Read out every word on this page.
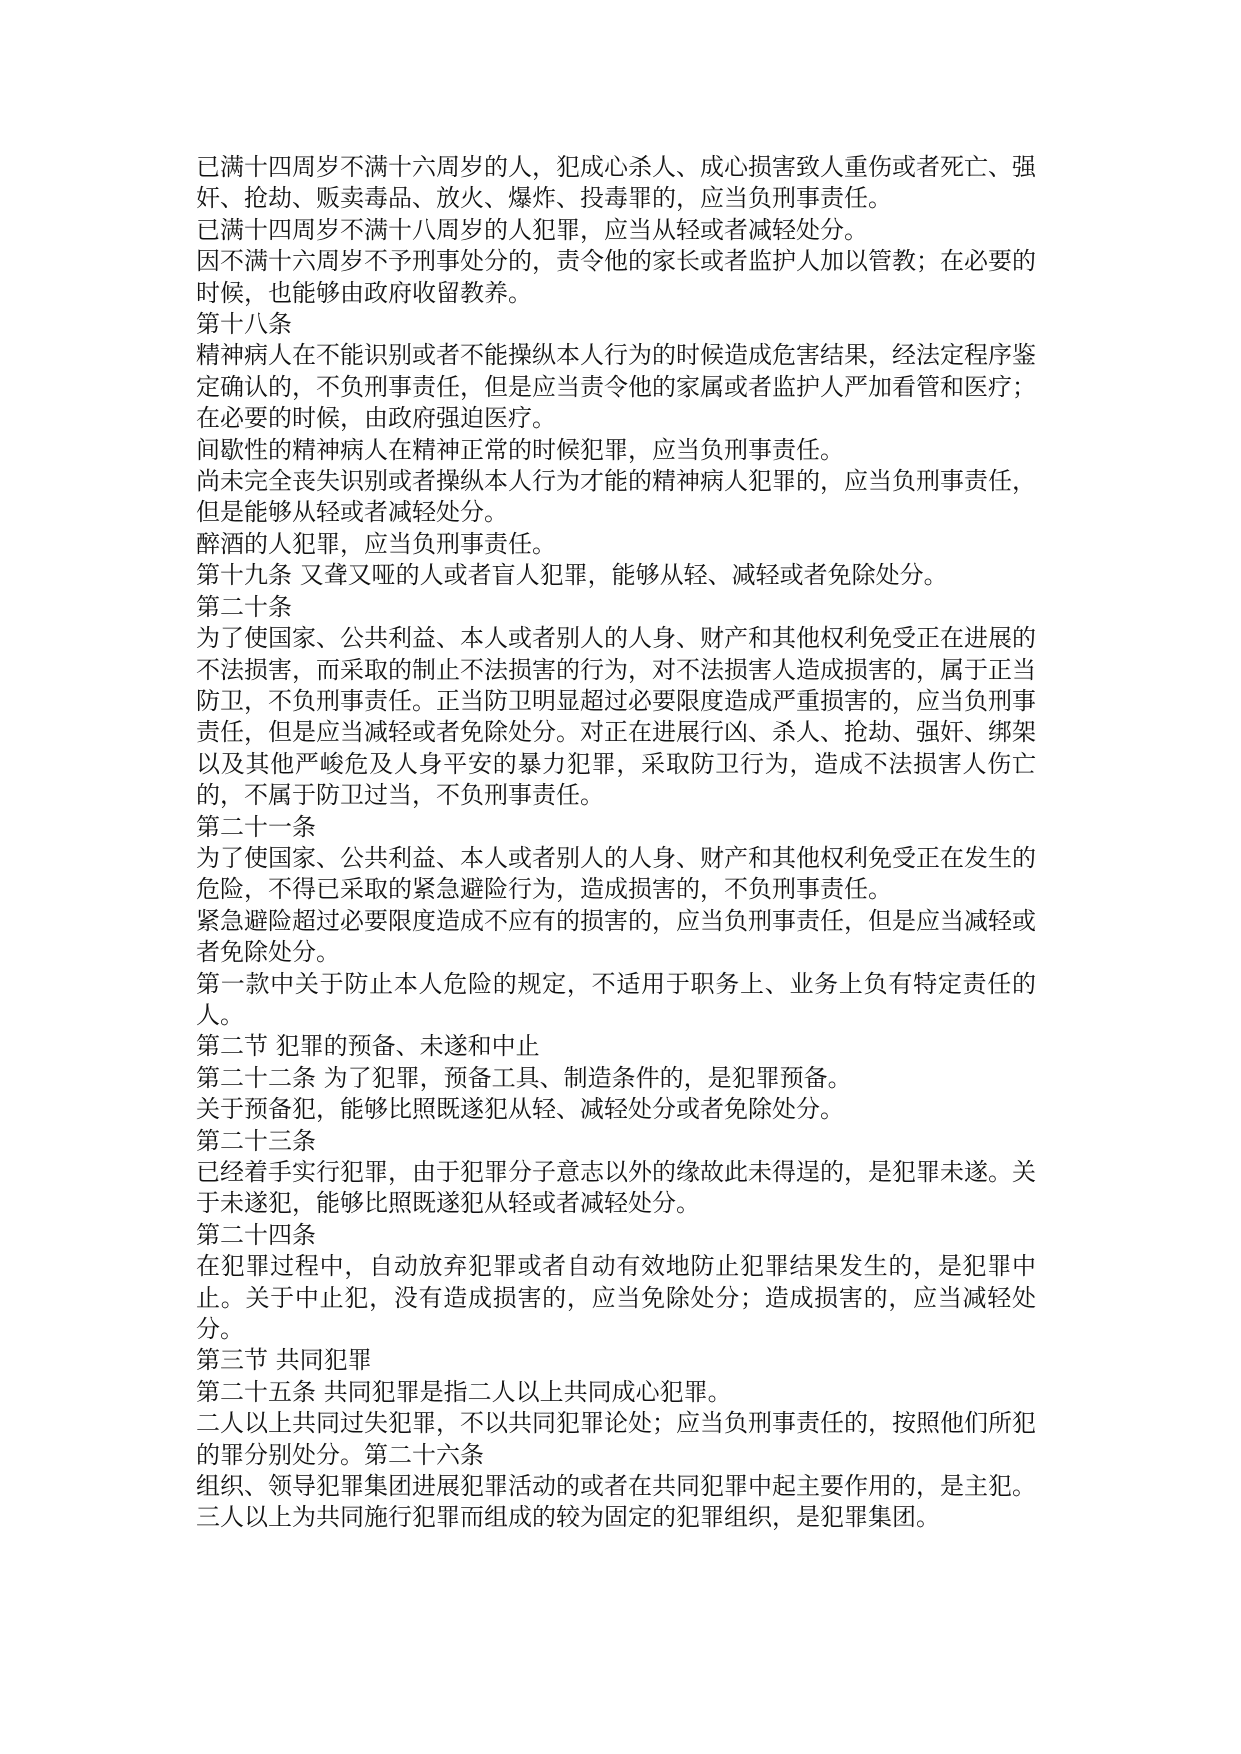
已满十四周岁不满十六周岁的人，犯成心杀人、成心损害致人重伤或者死亡、强奸、抢劫、贩卖毒品、放火、爆炸、投毒罪的，应当负刑事责任。

已满十四周岁不满十八周岁的人犯罪，应当从轻或者减轻处分。

因不满十六周岁不予刑事处分的，责令他的家长或者监护人加以管教；在必要的时候，也能够由政府收留教养。

第十八条

精神病人在不能识别或者不能操纵本人行为的时候造成危害结果，经法定程序鉴定确认的，不负刑事责任，但是应当责令他的家属或者监护人严加看管和医疗；在必要的时候，由政府强迫医疗。

间歇性的精神病人在精神正常的时候犯罪，应当负刑事责任。

尚未完全丧失识别或者操纵本人行为才能的精神病人犯罪的，应当负刑事责任，但是能够从轻或者减轻处分。

醉酒的人犯罪，应当负刑事责任。

第十九条 又聋又哑的人或者盲人犯罪，能够从轻、减轻或者免除处分。

第二十条

为了使国家、公共利益、本人或者别人的人身、财产和其他权利免受正在进展的不法损害，而采取的制止不法损害的行为，对不法损害人造成损害的，属于正当防卫，不负刑事责任。正当防卫明显超过必要限度造成严重损害的，应当负刑事责任，但是应当减轻或者免除处分。对正在进展行凶、杀人、抢劫、强奸、绑架以及其他严峻危及人身平安的暴力犯罪，采取防卫行为，造成不法损害人伤亡的，不属于防卫过当，不负刑事责任。

第二十一条

为了使国家、公共利益、本人或者别人的人身、财产和其他权利免受正在发生的危险，不得已采取的紧急避险行为，造成损害的，不负刑事责任。

紧急避险超过必要限度造成不应有的损害的，应当负刑事责任，但是应当减轻或者免除处分。

第一款中关于防止本人危险的规定，不适用于职务上、业务上负有特定责任的人。

第二节 犯罪的预备、未遂和中止

第二十二条 为了犯罪，预备工具、制造条件的，是犯罪预备。

关于预备犯，能够比照既遂犯从轻、减轻处分或者免除处分。

第二十三条

已经着手实行犯罪，由于犯罪分子意志以外的缘故此未得逞的，是犯罪未遂。关于未遂犯，能够比照既遂犯从轻或者减轻处分。

第二十四条

在犯罪过程中，自动放弃犯罪或者自动有效地防止犯罪结果发生的，是犯罪中止。关于中止犯，没有造成损害的，应当免除处分；造成损害的，应当减轻处分。

第三节 共同犯罪

第二十五条 共同犯罪是指二人以上共同成心犯罪。

二人以上共同过失犯罪，不以共同犯罪论处；应当负刑事责任的，按照他们所犯的罪分别处分。第二十六条

组织、领导犯罪集团进展犯罪活动的或者在共同犯罪中起主要作用的，是主犯。三人以上为共同施行犯罪而组成的较为固定的犯罪组织，是犯罪集团。
